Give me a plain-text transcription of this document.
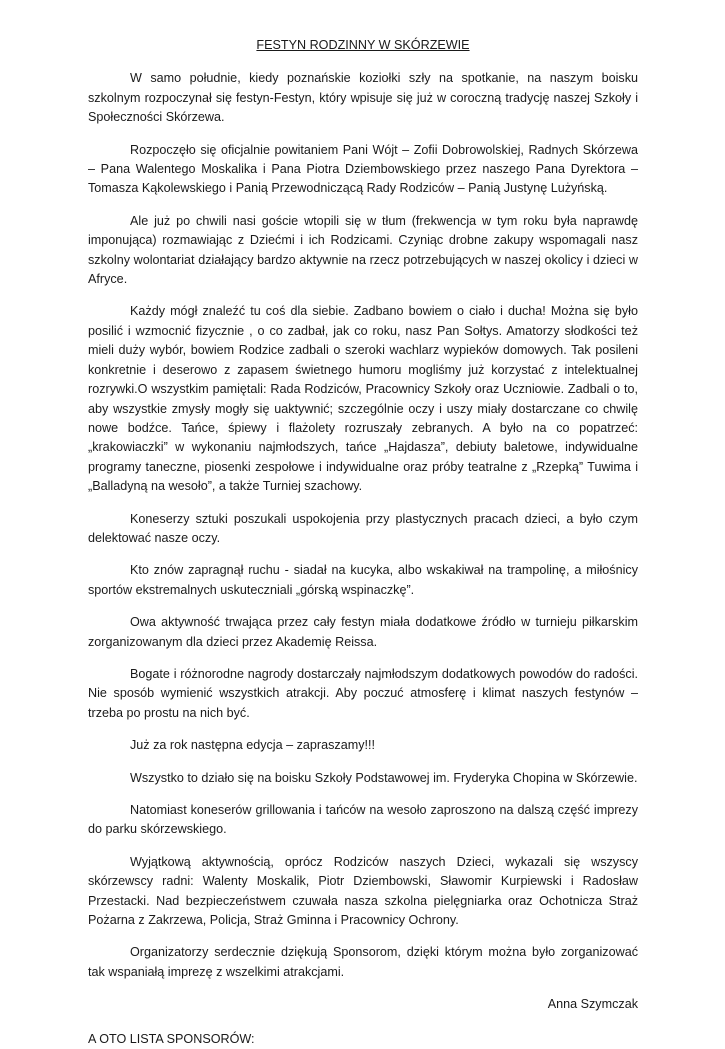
FESTYN RODZINNY W SKÓRZEWIE

W samo południe, kiedy poznańskie koziołki szły na spotkanie, na naszym boisku szkolnym rozpoczynał się festyn-Festyn, który wpisuje się już w coroczną tradycję naszej Szkoły i Społeczności Skórzewa.

Rozpoczęło się oficjalnie powitaniem Pani Wójt – Zofii Dobrowolskiej, Radnych Skórzewa – Pana Walentego Moskalika i Pana Piotra Dziembowskiego przez naszego Pana Dyrektora – Tomasza Kąkolewskiego i Panią Przewodniczącą Rady Rodziców – Panią Justynę Lużyńską.

Ale już po chwili nasi goście wtopili się w tłum (frekwencja w tym roku była naprawdę imponująca) rozmawiając z Dziećmi i ich Rodzicami. Czyniąc drobne zakupy wspomagali nasz szkolny wolontariat działający bardzo aktywnie na rzecz potrzebujących w naszej okolicy i dzieci w Afryce.

Każdy mógł znaleźć tu coś dla siebie. Zadbano bowiem o ciało i ducha! Można się było posilić i wzmocnić fizycznie , o co zadbał, jak co roku, nasz Pan Sołtys. Amatorzy słodkości też mieli duży wybór, bowiem Rodzice zadbali o szeroki wachlarz wypieków domowych. Tak posileni konkretnie i deserowo z zapasem świetnego humoru mogliśmy już korzystać z intelektualnej rozrywki.O wszystkim pamiętali: Rada Rodziców, Pracownicy Szkoły oraz Uczniowie. Zadbali o to, aby wszystkie zmysły mogły się uaktywnić; szczególnie oczy i uszy miały dostarczane co chwilę nowe bodźce. Tańce, śpiewy i flażolety rozruszały zebranych. A było na co popatrzeć: „krakowiaczki” w wykonaniu najmłodszych, tańce „Hajdasza”, debiuty baletowe, indywidualne programy taneczne, piosenki zespołowe i indywidualne oraz próby teatralne z „Rzepką” Tuwima i „Balladyną na wesoło”, a także Turniej szachowy.

Koneserzy sztuki poszukali uspokojenia przy plastycznych pracach dzieci, a było czym delektować nasze oczy.

Kto znów zapragnął ruchu - siadał na kucyka, albo wskakiwał na trampolinę, a miłośnicy sportów ekstremalnych uskuteczniali „górską wspinaczkę”.

Owa aktywność trwająca przez cały festyn miała dodatkowe źródło w turnieju piłkarskim zorganizowanym dla dzieci przez Akademię Reissa.

Bogate i różnorodne nagrody dostarczały najmłodszym dodatkowych powodów do radości. Nie sposób wymienić wszystkich atrakcji. Aby poczuć atmosferę i klimat naszych festynów – trzeba po prostu na nich być.

Już za rok następna edycja – zapraszamy!!!

Wszystko to działo się na boisku Szkoły Podstawowej im. Fryderyka Chopina w Skórzewie.

Natomiast koneserów grillowania i tańców na wesoło zaproszono na dalszą część imprezy do parku skórzewskiego.

Wyjątkową aktywnością, oprócz Rodziców naszych Dzieci, wykazali się wszyscy skórzewscy radni: Walenty Moskalik, Piotr Dziembowski, Sławomir Kurpiewski i Radosław Przestacki. Nad bezpieczeństwem czuwała nasza szkolna pielęgniarka oraz Ochotnicza Straż Pożarna z Zakrzewa, Policja, Straż Gminna i Pracownicy Ochrony.

Organizatorzy serdecznie dziękują Sponsorom, dzięki którym można było zorganizować tak wspaniałą imprezę z wszelkimi atrakcjami.

Anna Szymczak
A OTO LISTA SPONSORÓW:
